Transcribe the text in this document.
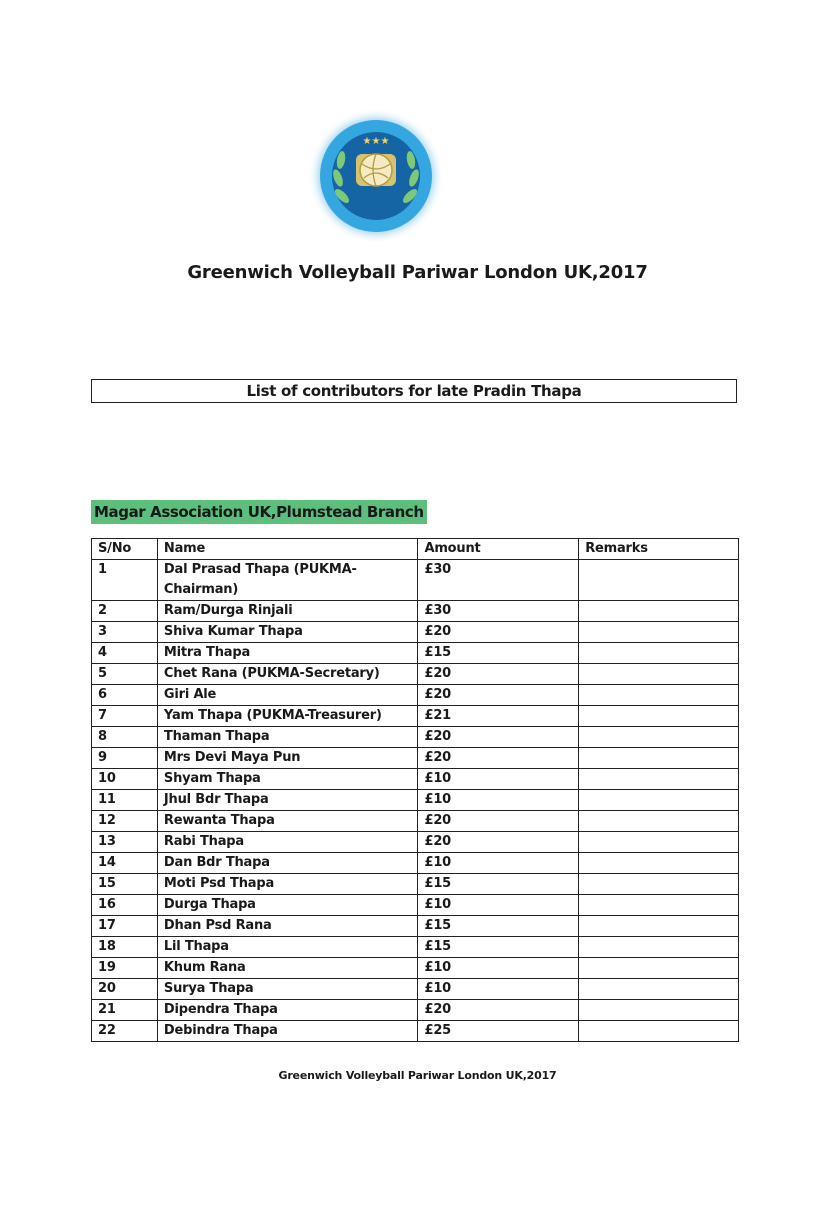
★★★
Greenwich Volleyball Pariwar London UK,2017
List of contributors for late Pradin Thapa
Magar Association UK,Plumstead Branch
S/No	Name	Amount	Remarks
1	Dal Prasad Thapa (PUKMA-Chairman)	£30	
2	Ram/Durga Rinjali	£30	
3	Shiva Kumar Thapa	£20	
4	Mitra Thapa	£15	
5	Chet Rana (PUKMA-Secretary)	£20	
6	Giri Ale	£20	
7	Yam Thapa (PUKMA-Treasurer)	£21	
8	Thaman Thapa	£20	
9	Mrs Devi Maya Pun	£20	
10	Shyam Thapa	£10	
11	Jhul Bdr Thapa	£10	
12	Rewanta Thapa	£20	
13	Rabi Thapa	£20	
14	Dan Bdr Thapa	£10	
15	Moti Psd Thapa	£15	
16	Durga Thapa	£10	
17	Dhan Psd Rana	£15	
18	Lil Thapa	£15	
19	Khum Rana	£10	
20	Surya Thapa	£10	
21	Dipendra Thapa	£20	
22	Debindra Thapa	£25	
Greenwich Volleyball Pariwar London UK,2017
